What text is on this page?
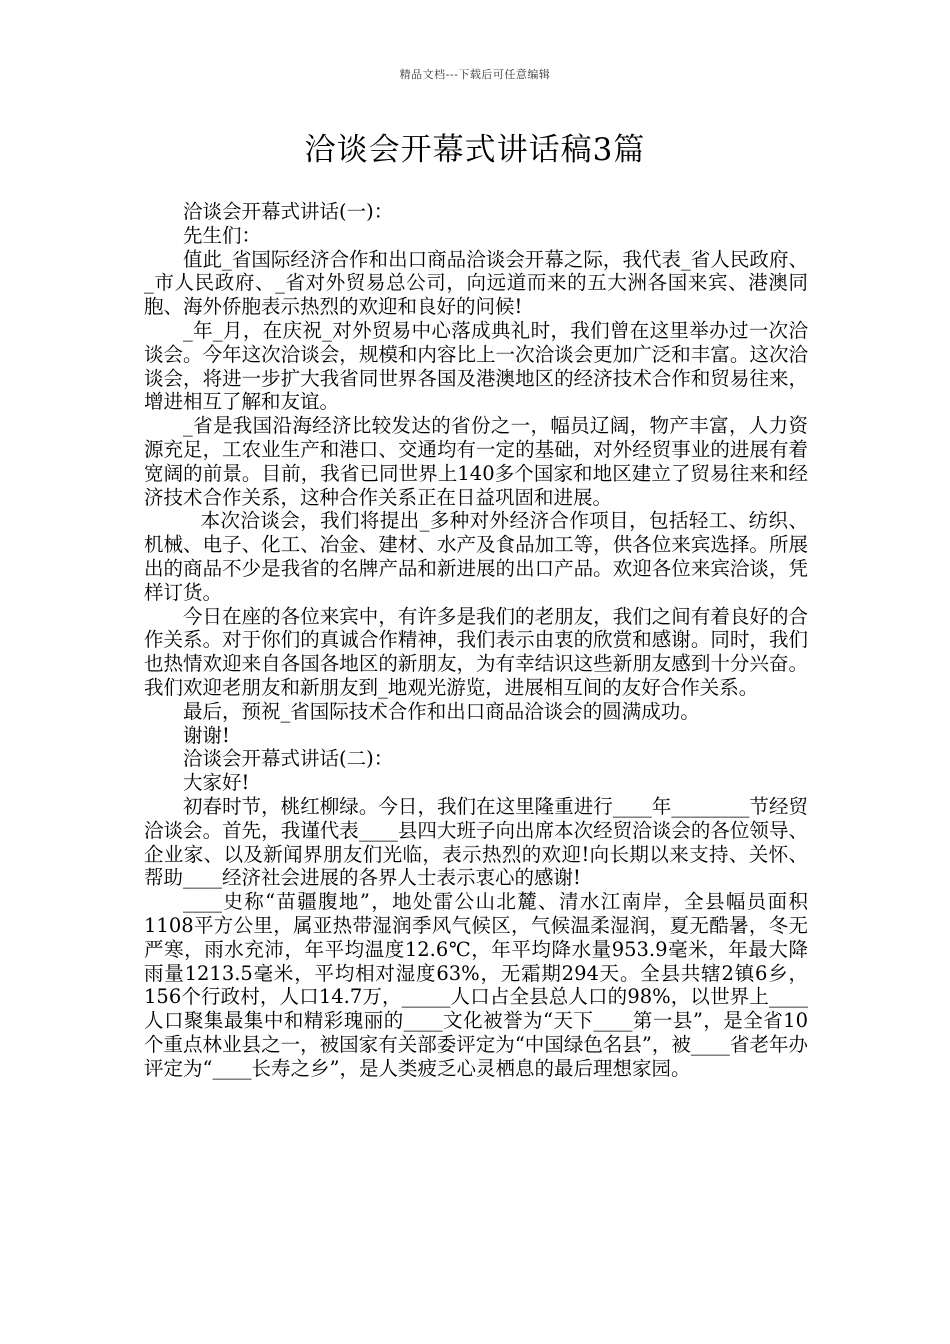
精品文档---下载后可任意编辑
洽谈会开幕式讲话稿3篇

洽谈会开幕式讲话(一)：

先生们：

值此_省国际经济合作和出口商品洽谈会开幕之际，我代表_省人民政府、_市人民政府、_省对外贸易总公司，向远道而来的五大洲各国来宾、港澳同胞、海外侨胞表示热烈的欢迎和良好的问候!

_年_月，在庆祝_对外贸易中心落成典礼时，我们曾在这里举办过一次洽谈会。今年这次洽谈会，规模和内容比上一次洽谈会更加广泛和丰富。这次洽谈会，将进一步扩大我省同世界各国及港澳地区的经济技术合作和贸易往来，增进相互了解和友谊。

_省是我国沿海经济比较发达的省份之一，幅员辽阔，物产丰富，人力资源充足，工农业生产和港口、交通均有一定的基础，对外经贸事业的进展有着宽阔的前景。目前，我省已同世界上140多个国家和地区建立了贸易往来和经济技术合作关系，这种合作关系正在日益巩固和进展。

本次洽谈会，我们将提出_多种对外经济合作项目，包括轻工、纺织、机械、电子、化工、冶金、建材、水产及食品加工等，供各位来宾选择。所展出的商品不少是我省的名牌产品和新进展的出口产品。欢迎各位来宾洽谈，凭样订货。

今日在座的各位来宾中，有许多是我们的老朋友，我们之间有着良好的合作关系。对于你们的真诚合作精神，我们表示由衷的欣赏和感谢。同时，我们也热情欢迎来自各国各地区的新朋友，为有幸结识这些新朋友感到十分兴奋。我们欢迎老朋友和新朋友到_地观光游览，进展相互间的友好合作关系。

最后，预祝_省国际技术合作和出口商品洽谈会的圆满成功。

谢谢!

洽谈会开幕式讲话(二)：

大家好!

初春时节，桃红柳绿。今日，我们在这里隆重进行____年________节经贸洽谈会。首先，我谨代表____县四大班子向出席本次经贸洽谈会的各位领导、企业家、以及新闻界朋友们光临，表示热烈的欢迎!向长期以来支持、关怀、帮助____经济社会进展的各界人士表示衷心的感谢!

____史称“苗疆腹地”，地处雷公山北麓、清水江南岸，全县幅员面积1108平方公里，属亚热带湿润季风气候区，气候温柔湿润，夏无酷暑，冬无严寒，雨水充沛，年平均温度12.6℃，年平均降水量953.9毫米，年最大降雨量1213.5毫米，平均相对湿度63%，无霜期294天。全县共辖2镇6乡，156个行政村，人口14.7万，_____人口占全县总人口的98%，以世界上____人口聚集最集中和精彩瑰丽的____文化被誉为“天下____第一县”，是全省10个重点林业县之一，被国家有关部委评定为“中国绿色名县”，被____省老年办评定为“____长寿之乡”，是人类疲乏心灵栖息的最后理想家园。
